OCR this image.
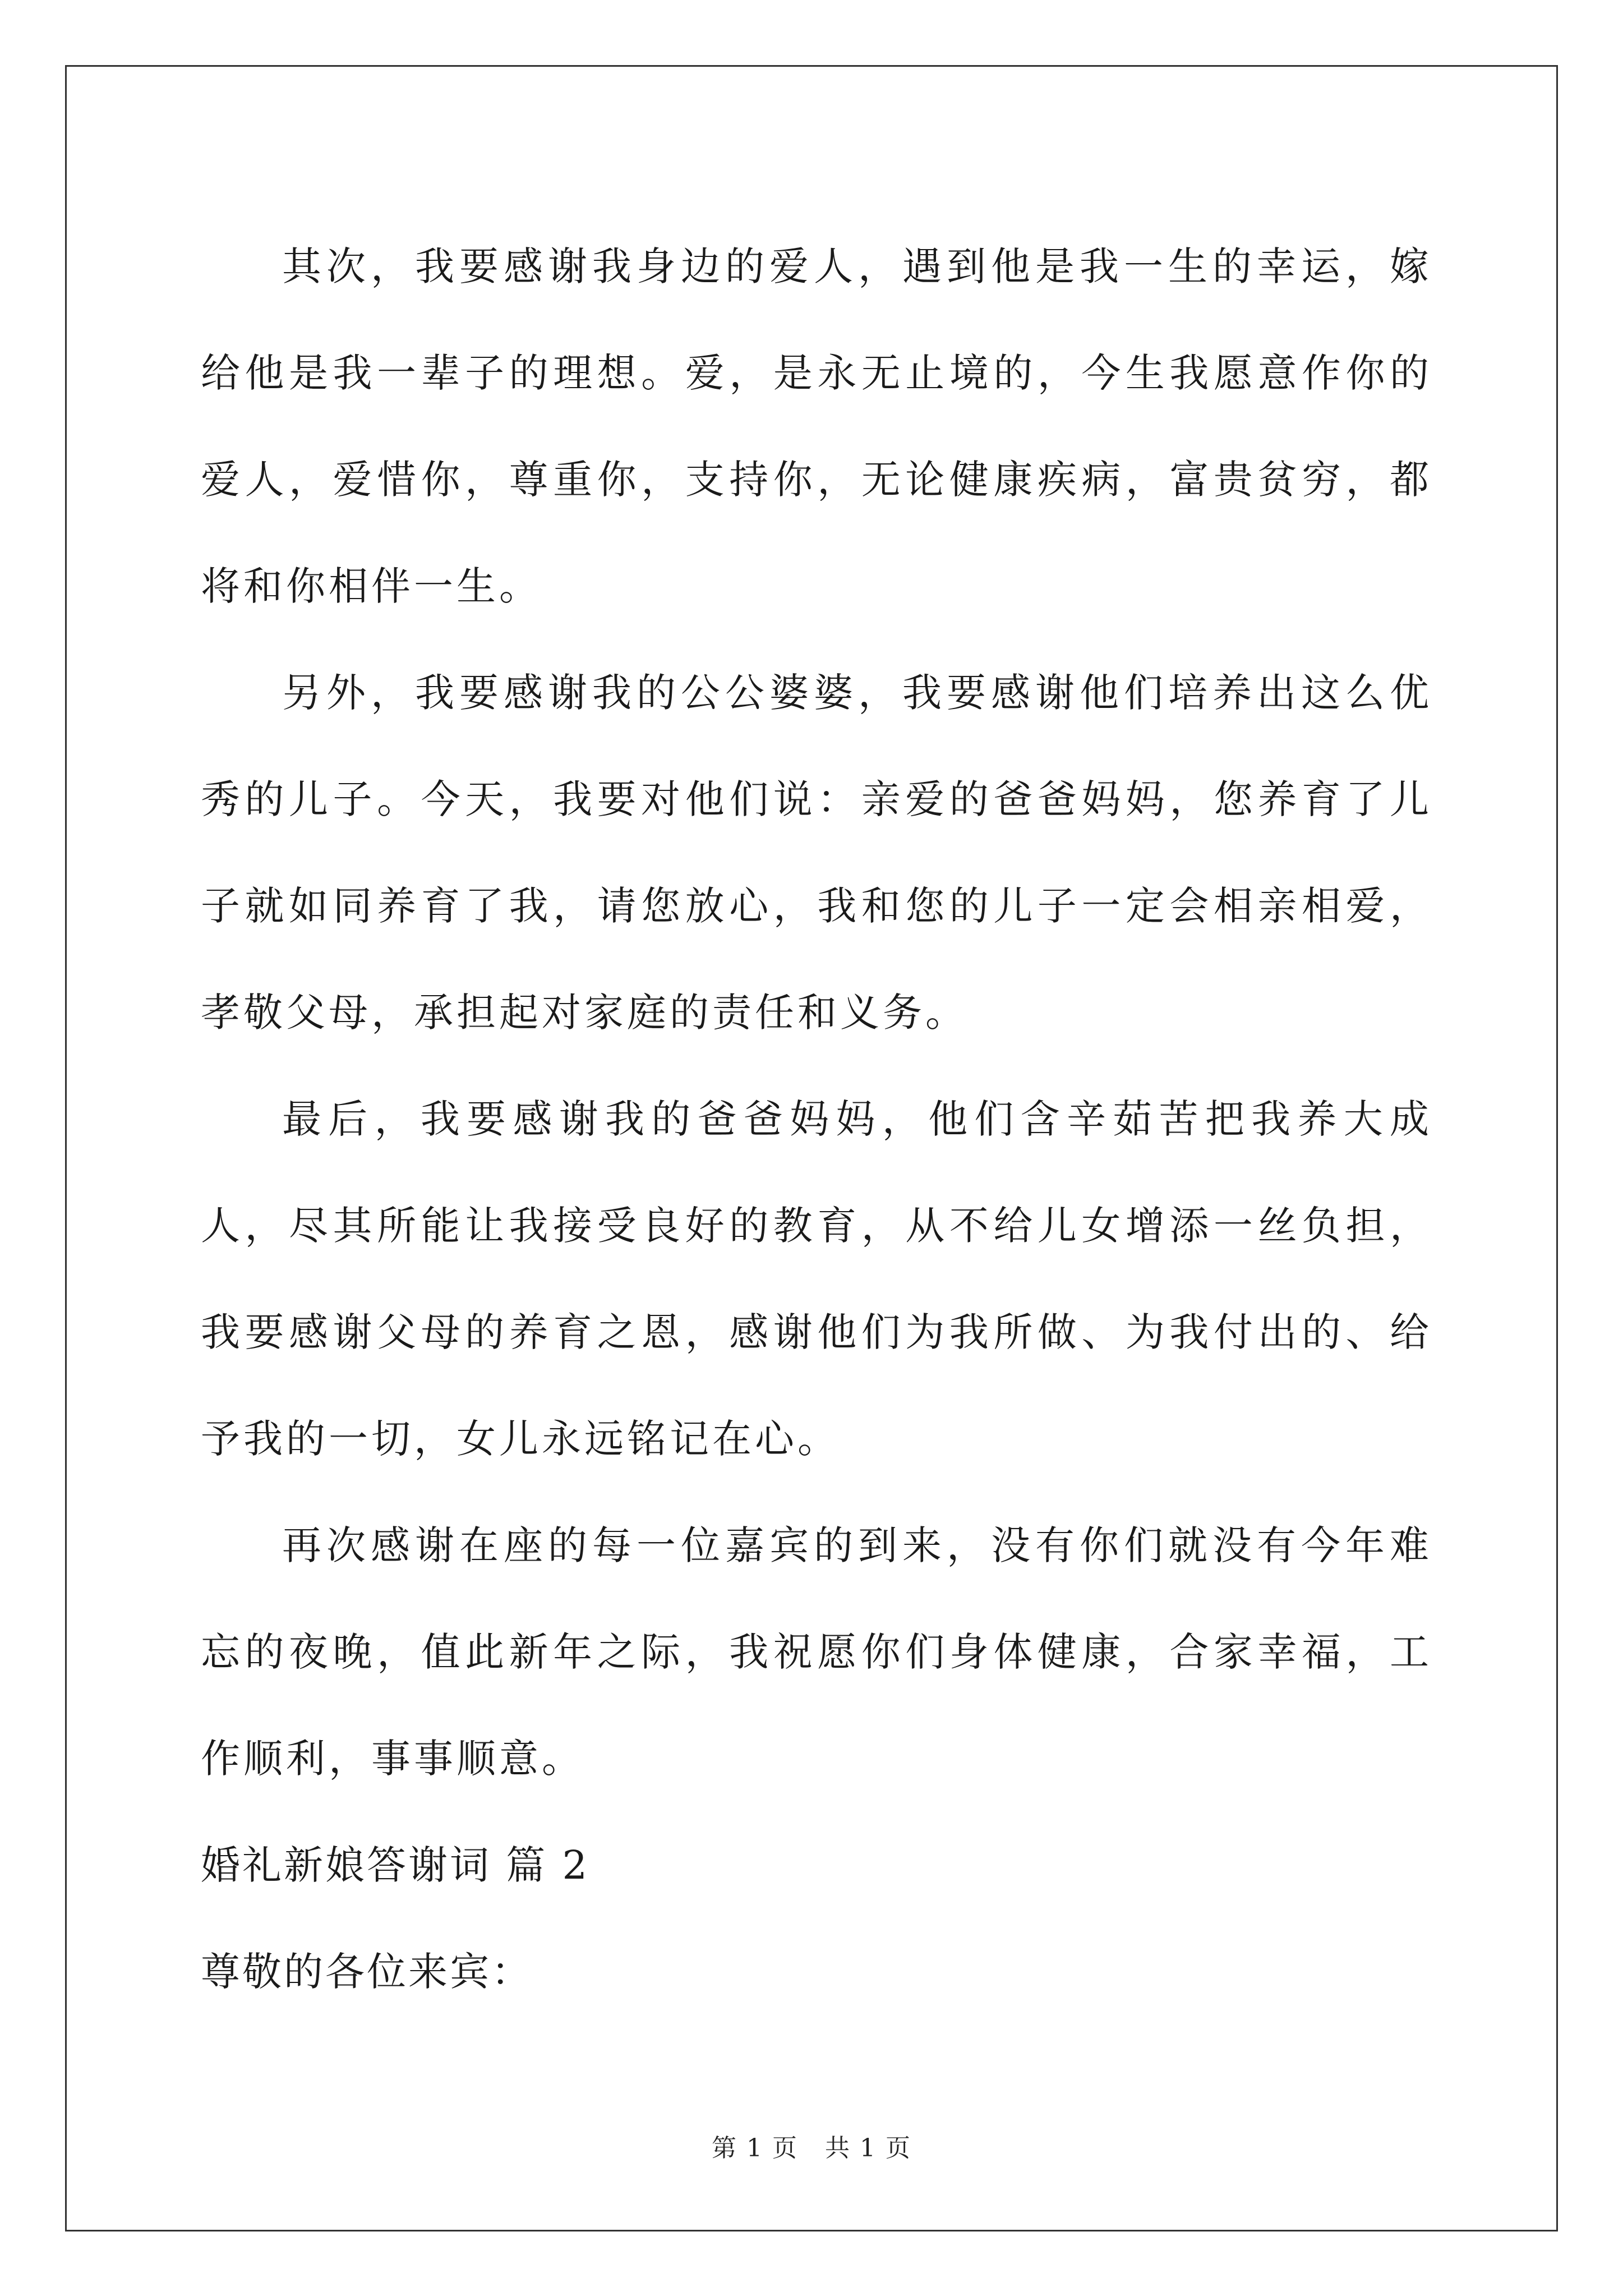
其次，我要感谢我身边的爱人，遇到他是我一生的幸运，嫁给他是我一辈子的理想。爱，是永无止境的，今生我愿意作你的爱人，爱惜你，尊重你，支持你，无论健康疾病，富贵贫穷，都将和你相伴一生。

另外，我要感谢我的公公婆婆，我要感谢他们培养出这么优秀的儿子。今天，我要对他们说：亲爱的爸爸妈妈，您养育了儿子就如同养育了我，请您放心，我和您的儿子一定会相亲相爱，孝敬父母，承担起对家庭的责任和义务。

最后，我要感谢我的爸爸妈妈，他们含辛茹苦把我养大成人，尽其所能让我接受良好的教育，从不给儿女增添一丝负担，我要感谢父母的养育之恩，感谢他们为我所做、为我付出的、给予我的一切，女儿永远铭记在心。

再次感谢在座的每一位嘉宾的到来，没有你们就没有今年难忘的夜晚，值此新年之际，我祝愿你们身体健康，合家幸福，工作顺利，事事顺意。

婚礼新娘答谢词 篇 2

尊敬的各位来宾：

第 1 页 共 1 页
